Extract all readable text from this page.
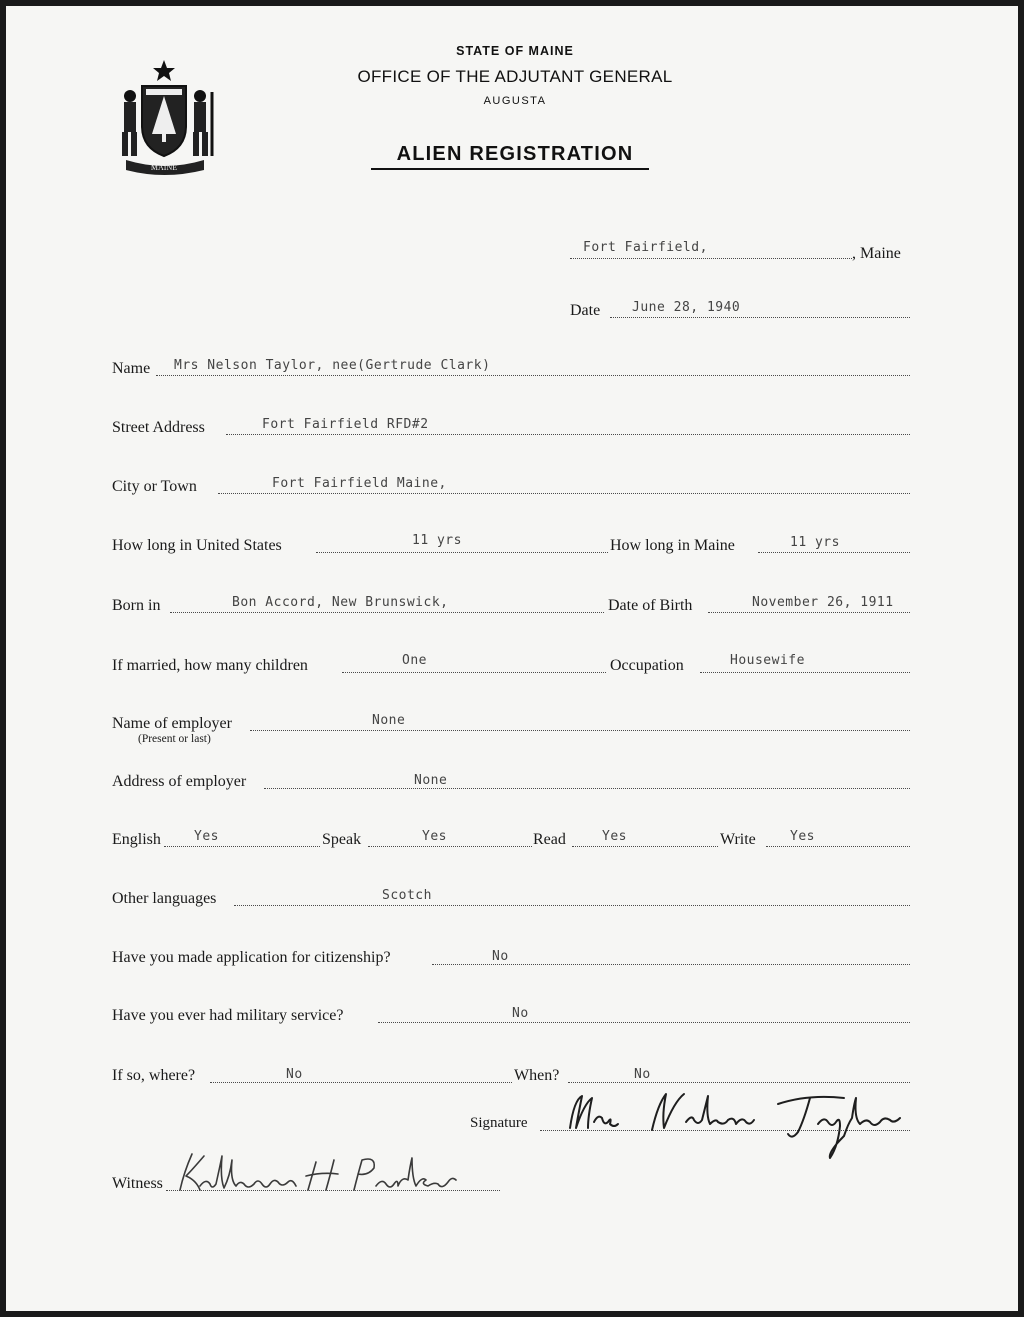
MAINE
STATE OF MAINE
OFFICE OF THE ADJUTANT GENERAL
AUGUSTA
ALIEN REGISTRATION
Fort Fairfield,	, Maine
Date June 28, 1940
Name Mrs Nelson Taylor, nee(Gertrude Clark)
Street Address	Fort Fairfield RFD#2
City or Town	Fort Fairfield Maine,
How long in United States	11 yrs	How long in Maine	11 yrs
Born in	Bon Accord, New Brunswick,	Date of Birth	November 26, 1911
If married, how many children	One	Occupation	Housewife
Name of employer
(Present or last)
None
Address of employer	None
English	Yes	Speak	Yes	Read	Yes	Write	Yes
Other languages	Scotch
Have you made application for citizenship?	No
Have you ever had military service?	No
If so, where?	No	When?	No
Signature
Witness
